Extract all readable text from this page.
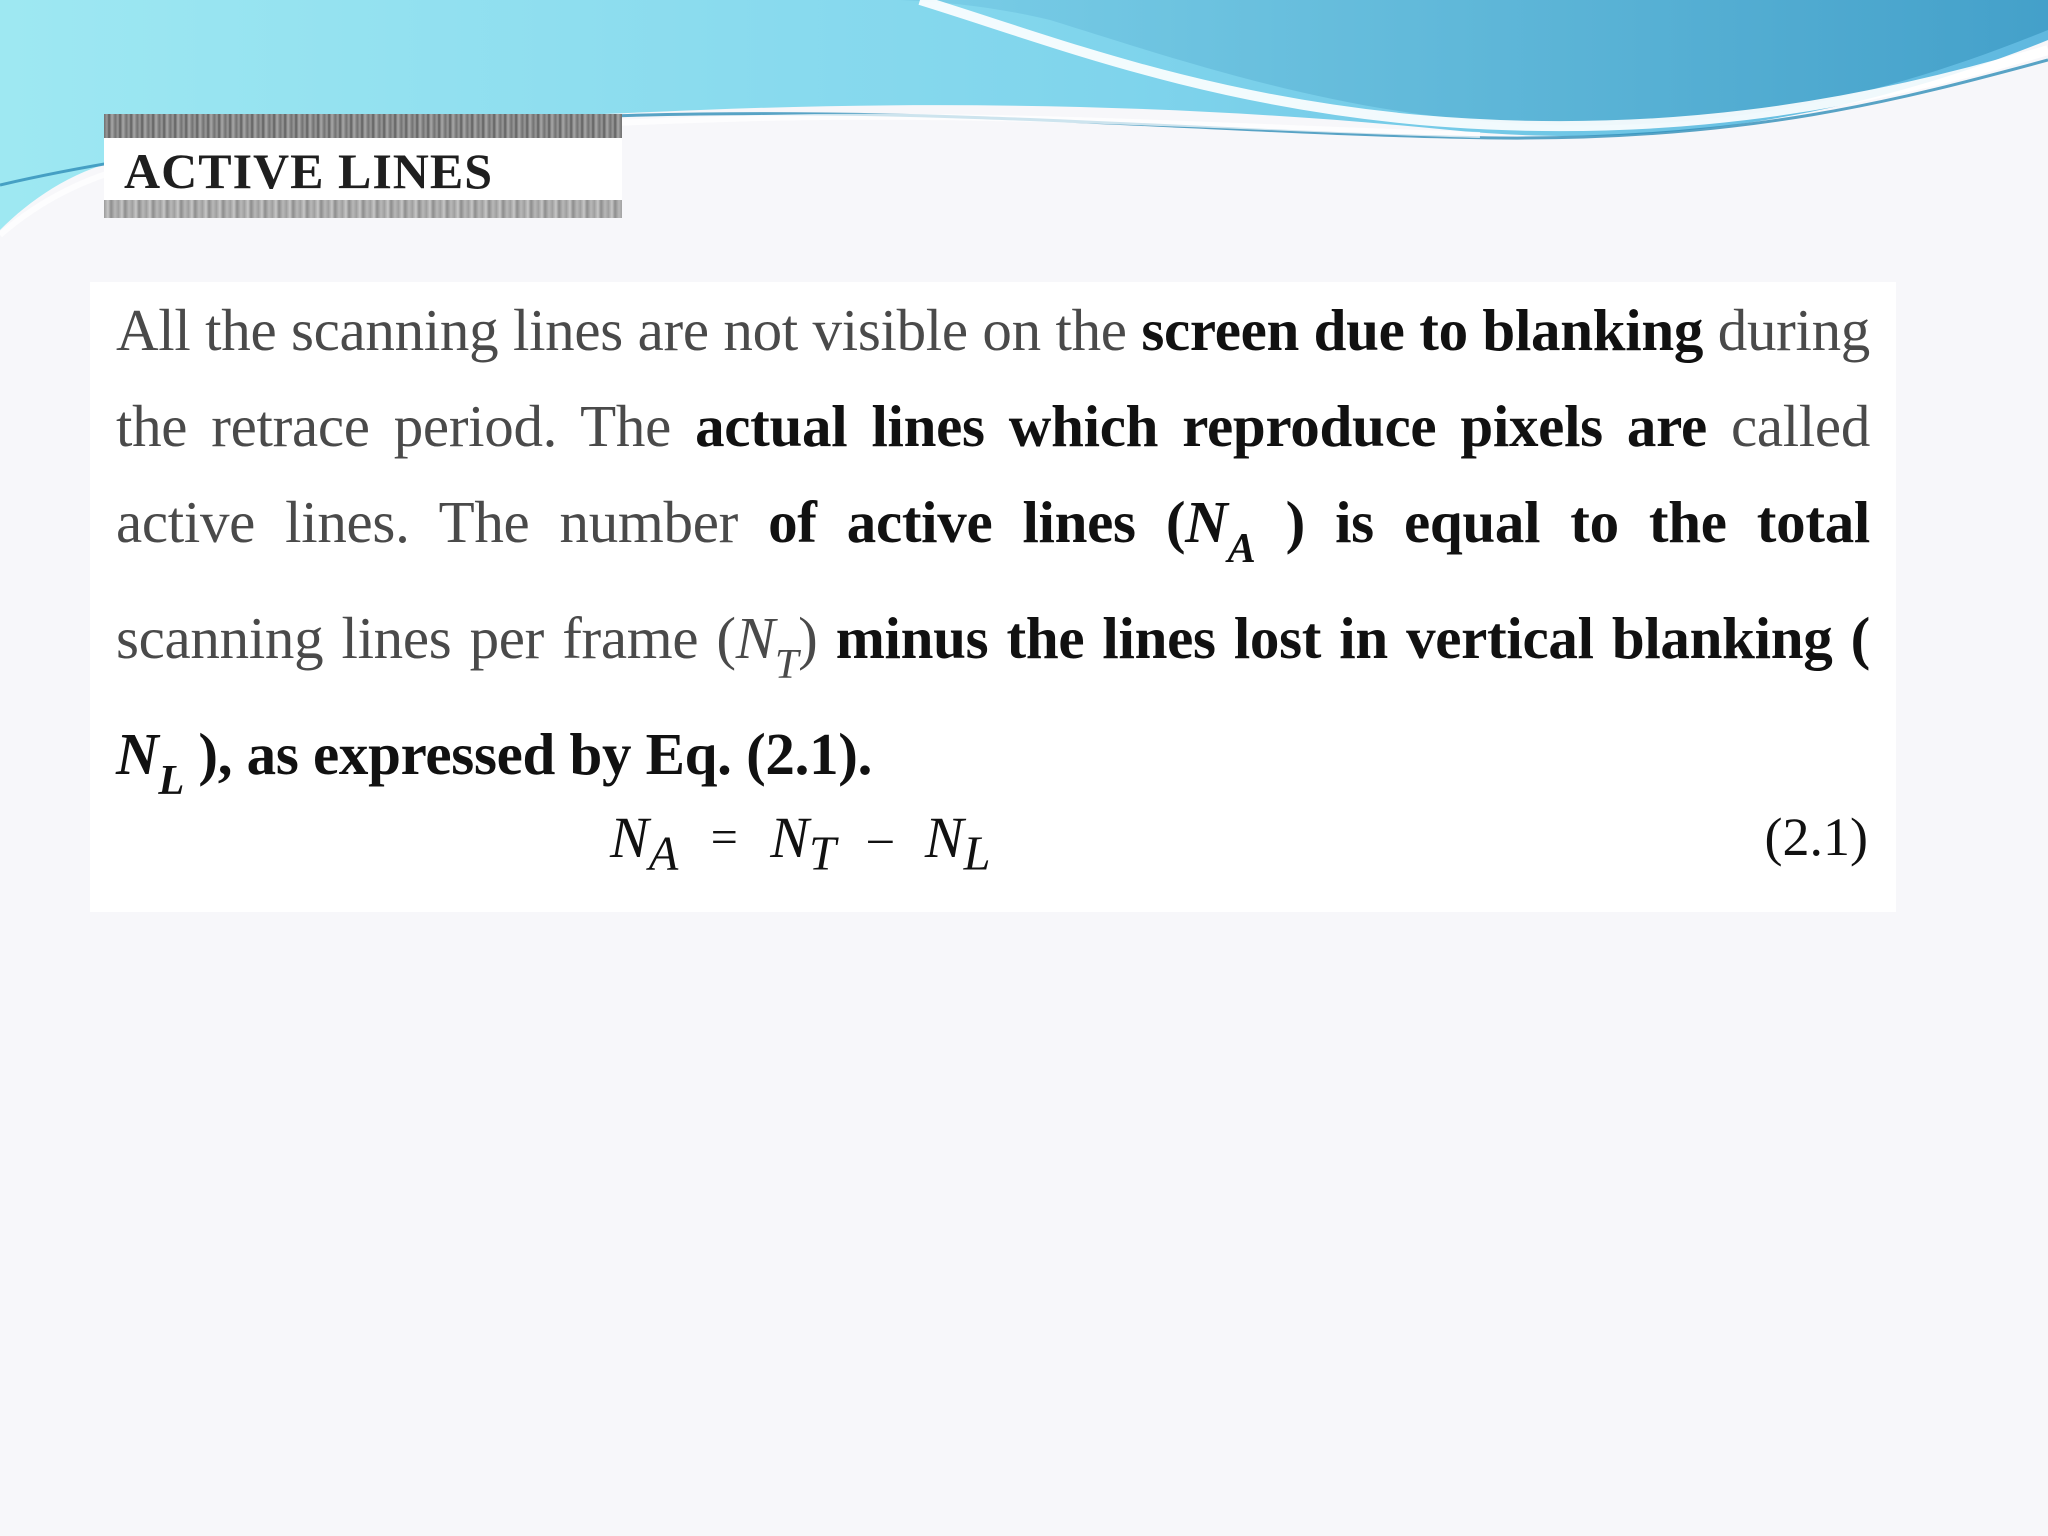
ACTIVE LINES
All the scanning lines are not visible on the screen due to blanking during the retrace period. The actual lines which reproduce pixels are called active lines. The number of active lines ($N_A$ ) is equal to the total scanning lines per frame $(N_T)$ minus the lines lost in vertical blanking ( $N_L$ ), as expressed by Eq. (2.1).
$N_A = N_T - N_L$	(2.1)
